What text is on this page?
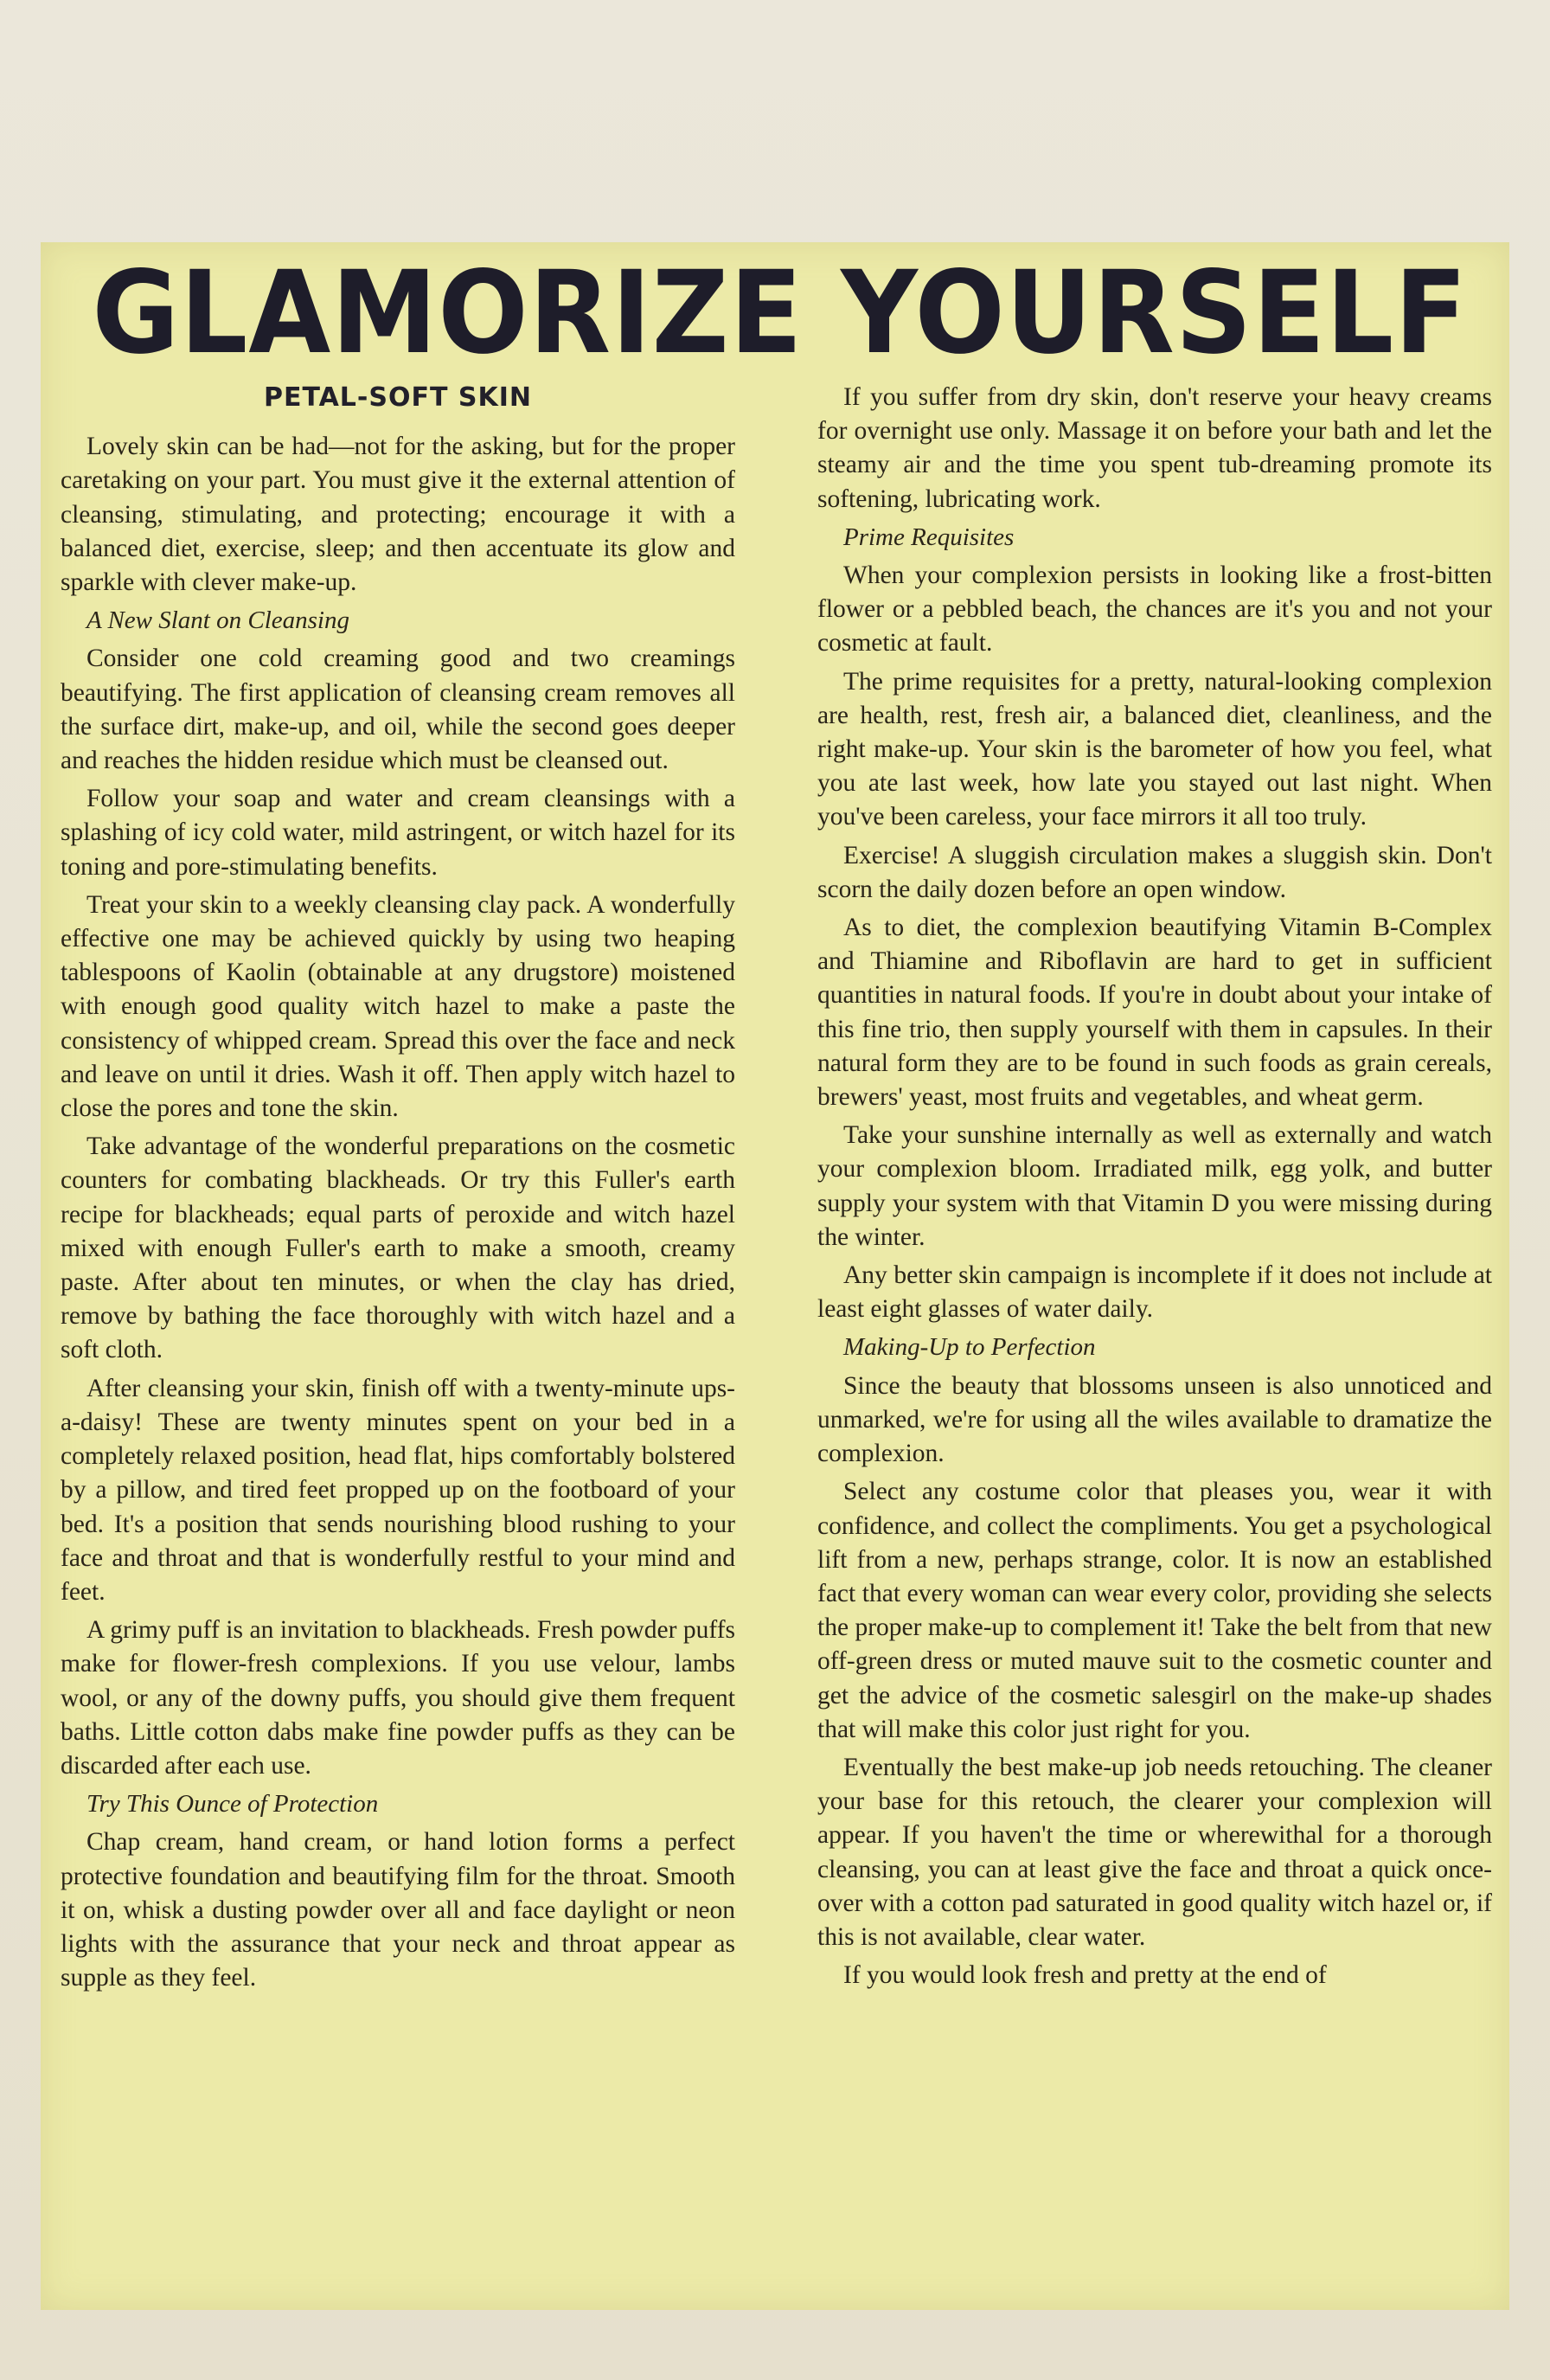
GLAMORIZE YOURSELF
PETAL-SOFT SKIN

Lovely skin can be had—not for the asking, but for the proper caretaking on your part. You must give it the external attention of cleansing, stimulating, and protecting; encourage it with a balanced diet, exercise, sleep; and then accentuate its glow and sparkle with clever make-up.

A New Slant on Cleansing

Consider one cold creaming good and two creamings beautifying. The first application of cleansing cream removes all the surface dirt, make-up, and oil, while the second goes deeper and reaches the hidden residue which must be cleansed out.

Follow your soap and water and cream cleansings with a splashing of icy cold water, mild astringent, or witch hazel for its toning and pore-stimulating benefits.

Treat your skin to a weekly cleansing clay pack. A wonderfully effective one may be achieved quickly by using two heaping tablespoons of Kaolin (obtainable at any drugstore) moistened with enough good quality witch hazel to make a paste the consistency of whipped cream. Spread this over the face and neck and leave on until it dries. Wash it off. Then apply witch hazel to close the pores and tone the skin.

Take advantage of the wonderful preparations on the cosmetic counters for combating blackheads. Or try this Fuller's earth recipe for blackheads; equal parts of peroxide and witch hazel mixed with enough Fuller's earth to make a smooth, creamy paste. After about ten minutes, or when the clay has dried, remove by bathing the face thoroughly with witch hazel and a soft cloth.

After cleansing your skin, finish off with a twenty-minute ups-a-daisy! These are twenty minutes spent on your bed in a completely relaxed position, head flat, hips comfortably bolstered by a pillow, and tired feet propped up on the footboard of your bed. It's a position that sends nourishing blood rushing to your face and throat and that is wonderfully restful to your mind and feet.

A grimy puff is an invitation to blackheads. Fresh powder puffs make for flower-fresh complexions. If you use velour, lambs wool, or any of the downy puffs, you should give them frequent baths. Little cotton dabs make fine powder puffs as they can be discarded after each use.

Try This Ounce of Protection

Chap cream, hand cream, or hand lotion forms a perfect protective foundation and beautifying film for the throat. Smooth it on, whisk a dusting powder over all and face daylight or neon lights with the assurance that your neck and throat appear as supple as they feel.

If you suffer from dry skin, don't reserve your heavy creams for overnight use only. Massage it on before your bath and let the steamy air and the time you spent tub-dreaming promote its softening, lubricating work.

Prime Requisites

When your complexion persists in looking like a frost-bitten flower or a pebbled beach, the chances are it's you and not your cosmetic at fault.

The prime requisites for a pretty, natural-looking complexion are health, rest, fresh air, a balanced diet, cleanliness, and the right make-up. Your skin is the barometer of how you feel, what you ate last week, how late you stayed out last night. When you've been careless, your face mirrors it all too truly.

Exercise! A sluggish circulation makes a sluggish skin. Don't scorn the daily dozen before an open window.

As to diet, the complexion beautifying Vitamin B-Complex and Thiamine and Riboflavin are hard to get in sufficient quantities in natural foods. If you're in doubt about your intake of this fine trio, then supply yourself with them in capsules. In their natural form they are to be found in such foods as grain cereals, brewers' yeast, most fruits and vegetables, and wheat germ.

Take your sunshine internally as well as externally and watch your complexion bloom. Irradiated milk, egg yolk, and butter supply your system with that Vitamin D you were missing during the winter.

Any better skin campaign is incomplete if it does not include at least eight glasses of water daily.

Making-Up to Perfection

Since the beauty that blossoms unseen is also unnoticed and unmarked, we're for using all the wiles available to dramatize the complexion.

Select any costume color that pleases you, wear it with confidence, and collect the compliments. You get a psychological lift from a new, perhaps strange, color. It is now an established fact that every woman can wear every color, providing she selects the proper make-up to complement it! Take the belt from that new off-green dress or muted mauve suit to the cosmetic counter and get the advice of the cosmetic salesgirl on the make-up shades that will make this color just right for you.

Eventually the best make-up job needs retouching. The cleaner your base for this retouch, the clearer your complexion will appear. If you haven't the time or wherewithal for a thorough cleansing, you can at least give the face and throat a quick once-over with a cotton pad saturated in good quality witch hazel or, if this is not available, clear water.

If you would look fresh and pretty at the end of
